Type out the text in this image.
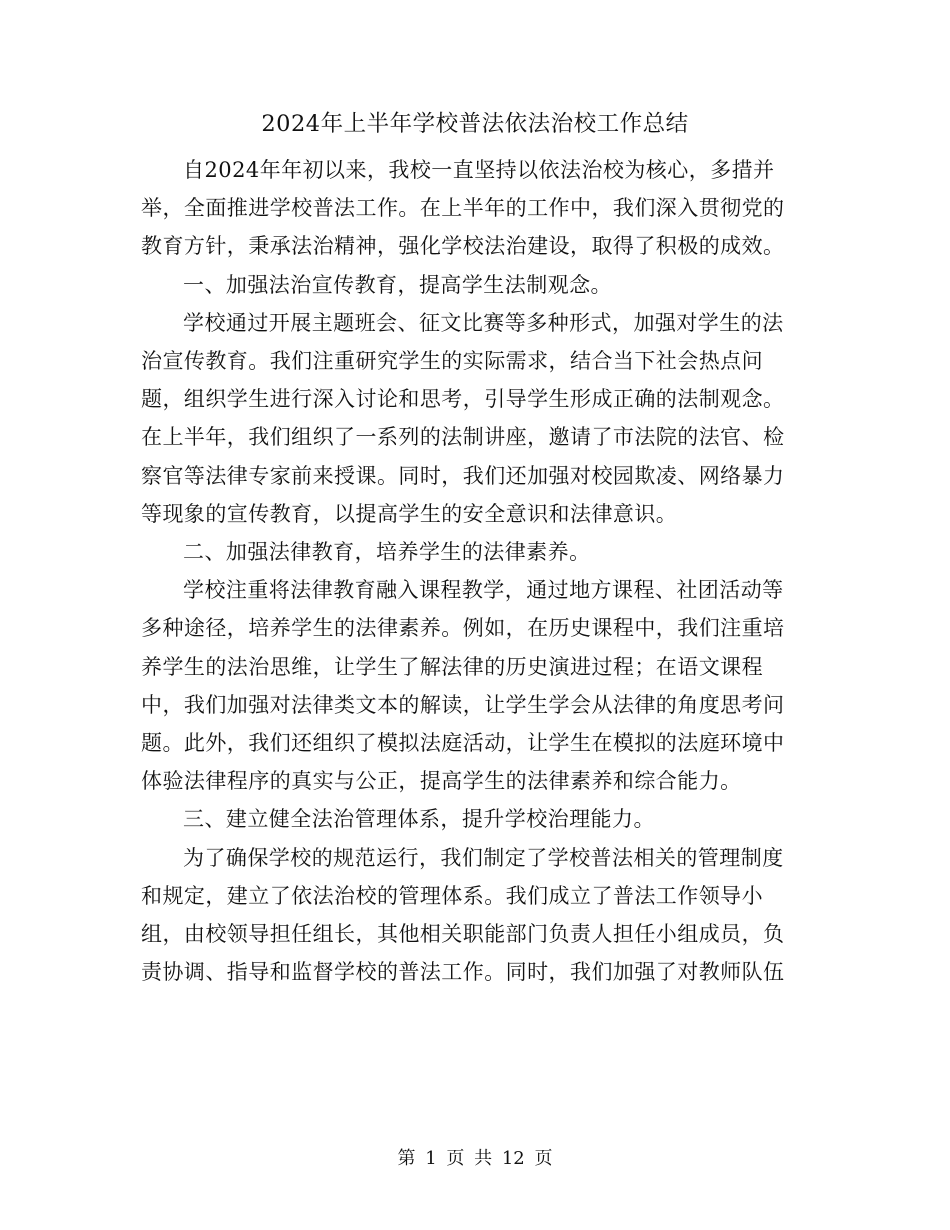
2024年上半年学校普法依法治校工作总结

自2024年年初以来，我校一直坚持以依法治校为核心，多措并举，全面推进学校普法工作。在上半年的工作中，我们深入贯彻党的教育方针，秉承法治精神，强化学校法治建设，取得了积极的成效。

一、加强法治宣传教育，提高学生法制观念。

学校通过开展主题班会、征文比赛等多种形式，加强对学生的法治宣传教育。我们注重研究学生的实际需求，结合当下社会热点问题，组织学生进行深入讨论和思考，引导学生形成正确的法制观念。在上半年，我们组织了一系列的法制讲座，邀请了市法院的法官、检察官等法律专家前来授课。同时，我们还加强对校园欺凌、网络暴力等现象的宣传教育，以提高学生的安全意识和法律意识。

二、加强法律教育，培养学生的法律素养。

学校注重将法律教育融入课程教学，通过地方课程、社团活动等多种途径，培养学生的法律素养。例如，在历史课程中，我们注重培养学生的法治思维，让学生了解法律的历史演进过程；在语文课程中，我们加强对法律类文本的解读，让学生学会从法律的角度思考问题。此外，我们还组织了模拟法庭活动，让学生在模拟的法庭环境中体验法律程序的真实与公正，提高学生的法律素养和综合能力。

三、建立健全法治管理体系，提升学校治理能力。

为了确保学校的规范运行，我们制定了学校普法相关的管理制度和规定，建立了依法治校的管理体系。我们成立了普法工作领导小组，由校领导担任组长，其他相关职能部门负责人担任小组成员，负责协调、指导和监督学校的普法工作。同时，我们加强了对教师队伍

第 1 页 共 12 页
